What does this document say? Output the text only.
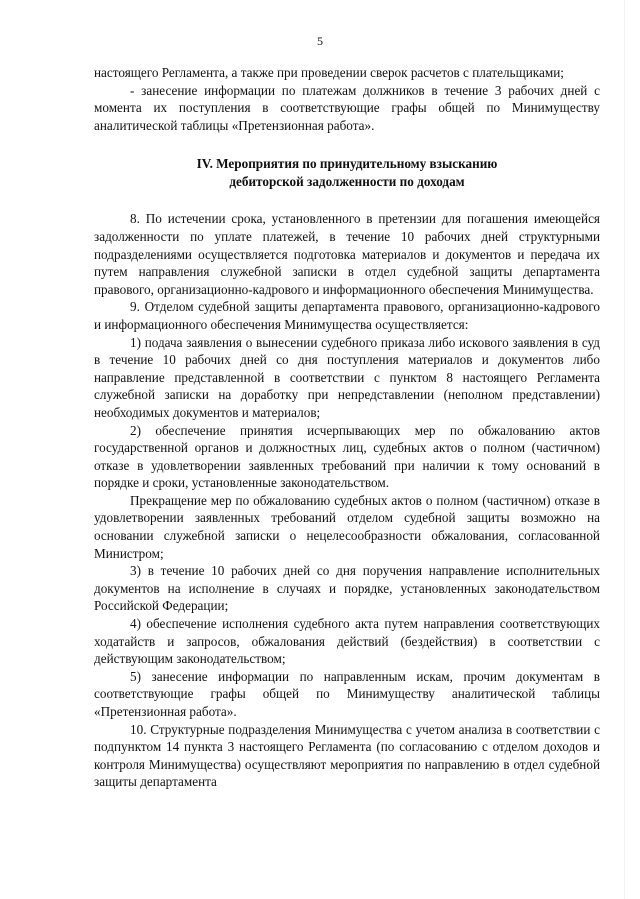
5

настоящего Регламента, а также при проведении сверок расчетов с плательщиками;

- занесение информации по платежам должников в течение 3 рабочих дней с момента их поступления в соответствующие графы общей по Минимуществу аналитической таблицы «Претензионная работа».

IV. Мероприятия по принудительному взысканию
дебиторской задолженности по доходам

8. По истечении срока, установленного в претензии для погашения имеющейся задолженности по уплате платежей, в течение 10 рабочих дней структурными подразделениями осуществляется подготовка материалов и документов и передача их путем направления служебной записки в отдел судебной защиты департамента правового, организационно-кадрового и информационного обеспечения Минимущества.

9. Отделом судебной защиты департамента правового, организационно-кадрового и информационного обеспечения Минимущества осуществляется:

1) подача заявления о вынесении судебного приказа либо искового заявления в суд в течение 10 рабочих дней со дня поступления материалов и документов либо направление представленной в соответствии с пунктом 8 настоящего Регламента служебной записки на доработку при непредставлении (неполном представлении) необходимых документов и материалов;

2) обеспечение принятия исчерпывающих мер по обжалованию актов государственной органов и должностных лиц, судебных актов о полном (частичном) отказе в удовлетворении заявленных требований при наличии к тому оснований в порядке и сроки, установленные законодательством.

Прекращение мер по обжалованию судебных актов о полном (частичном) отказе в удовлетворении заявленных требований отделом судебной защиты возможно на основании служебной записки о нецелесообразности обжалования, согласованной Министром;

3) в течение 10 рабочих дней со дня поручения направление исполнительных документов на исполнение в случаях и порядке, установленных законодательством Российской Федерации;

4) обеспечение исполнения судебного акта путем направления соответствующих ходатайств и запросов, обжалования действий (бездействия) в соответствии с действующим законодательством;

5) занесение информации по направленным искам, прочим документам в соответствующие графы общей по Минимуществу аналитической таблицы «Претензионная работа».

10. Структурные подразделения Минимущества с учетом анализа в соответствии с подпунктом 14 пункта 3 настоящего Регламента (по согласованию с отделом доходов и контроля Минимущества) осуществляют мероприятия по направлению в отдел судебной защиты департамента
